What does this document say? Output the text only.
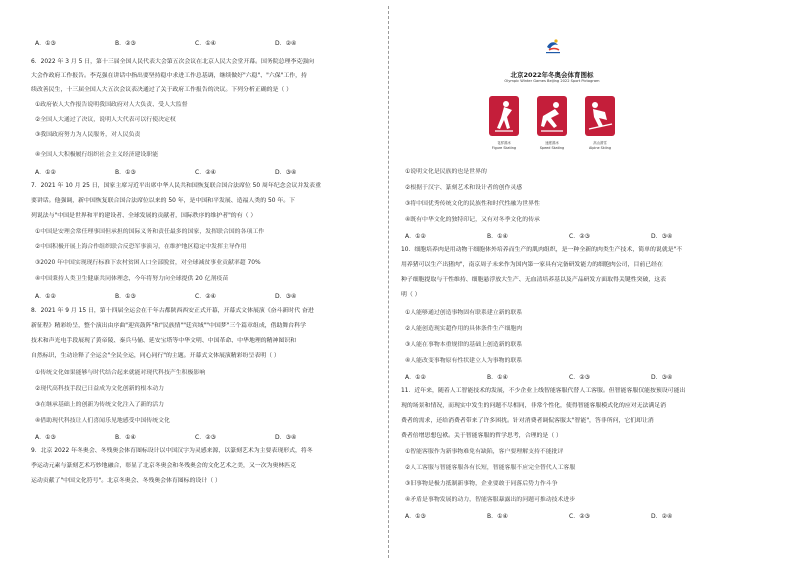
A．①③	B．②③	C．①④	D．②④
6．2022 年 3 月 5 日，第十三届全国人民代表大会第五次会议在北京人民大会堂开幕。国务院总理李克强向
大会作政府工作报告。李克强在讲话中指出要坚持稳中求进工作总基调，继续做好"六稳"、"六保"工作，持
续改善民生，十三届全国人大五次会议表决通过了关于政府工作报告的决议。下列分析正确的是（ ）
①政府依人大作报告说明我国政府对人大负责、受人大监督
②全国人大通过了决议，说明人大代表可以行使决定权
③我国政府努力为人民服务，对人民负责
④全国人大积极履行组织社会主义经济建设职能
A．①②	B．①③	C．②④	D．③④
7．2021 年 10 月 25 日，国家主席习近平出席中华人民共和国恢复联合国合法席位 50 周年纪念会议并发表重
要讲话。他强调，新中国恢复联合国合法席位以来的 50 年，是中国和平发展、造福人类的 50 年。下
列说法与"中国是世界和平的建设者、全球发展的贡献者，国际秩序的维护者"的有（ ）
①中国是安理会常任理事国但承担的国际义务和责任最多的国家，发挥联合国的各项工作
②中国积极开展上海合作组织联合反恐军事演习，在维护地区稳定中发挥主导作用
③2020 年中国实现现行标准下农村贫困人口全部脱贫，对全球减贫事业贡献率超 70%
④中国秉持人类卫生健康共同体理念，今年将努力向全球提供 20 亿剂疫苗
A．①②	B．①③	C．②④	D．③④
8．2021 年 9 月 15 日，第十四届全运会在千年古都陕西西安正式开幕，开幕式文体展演《奋斗新时代 奋进
新征程》精彩纷呈，整个演出由序曲"迎宾鼓阵"和"民族情""廷宾域""中国梦"三个篇章组成，借助舞台科学
技术和声光电手段展现了黄帝陵、秦兵马俑、延安宝塔等中华文明、中国革命、中华地理的精神图识和
自然标识，生动诠释了全运会"全民全运，同心同行"的主题。开幕式文体展演精彩纷呈表明（ ）
①传统文化如果能够与时代结合起来就能对现代科技产生积极影响
②现代高科技手段已日益成为文化创新的根本动力
③在继承基础上的创新为传统文化注入了新的活力
④借助现代科技让人们喜闻乐见地感受中国传统文化
A．①③	B．①④	C．②③	D．③④
9．北京 2022 年冬奥会、冬残奥会体育图标设计以中国汉字为灵感来源，以篆刻艺术为主要表现形式，将冬
季运动元素与篆刻艺术巧妙地融合，彰显了北京冬奥会和冬残奥会的文化艺术之美，又一次为奥林匹克
运动贡献了"中国文化符号"。北京冬奥会、冬残奥会体育图标的设计（ ）
北京2022年冬奥会体育图标
Olympic Winter Games Beijing 2022 Sport Pictogram
花样滑冰
Figure Skating
速度滑冰
Speed Skating
高山滑雪
Alpine Skiing
①说明文化是民族的也是世界的
②根据于汉字、篆刻艺术和设计者的创作灵感
③将中国优秀传统文化的民族性和时代性融为世界性
④既有中华文化的独特印记，又有对冬季文化的传承
A．①②	B．①④	C．②③	D．③④
10．细胞培养肉是用动物干细胞体外培养而生产的肌肉组织，是一种全新的肉类生产技术，简单的说就是"不
用养猪可以生产出猪肉"，南京周子未来作为国内第一家具有完备研发能力的细胞肉公司，目前已经在
种子细胞提取与干性维持、细胞悬浮放大生产、无血清培养基以及产品研发方面取得关键性突破，这表
明（ ）
①人能够通过创造事物固有联系建立新的联系
②人能创造现实超作用的具体条件生产细胞肉
③人能在事物本重规律的基础上创造新的联系
④人能改变事物原有性状建立人为事物的联系
A．①②	B．①④	C．②③	D．③④
11．近年来，随着人工智能技术的发展，不少企业上线智能客服代替人工客服。但智能客服仅能按预设可能出
现的场景和情况，而现实中发生的问题不尽相同，非常个性化，使得智能客服模式化的应对无法满足消
费者的需求，还给消费者带来了许多困扰。针对消费者调侃客服太"智能"，答非所问，它们却让消
费者倍增思想包袱。关于智能客服的哲学思考，合理的是（ ）
①智能客服作为新事物难免有缺陷，客户要理解支持不能批评
②人工客服与智能客服各有长短，智能客服不应完全替代人工客服
③旧事物是极力抵制新事物，企业要敢于同落后势力作斗争
④矛盾是事物发展的动力，智能客服暴露出的问题可推动技术进步
A．①③	B．①④	C．②③	D．②④
